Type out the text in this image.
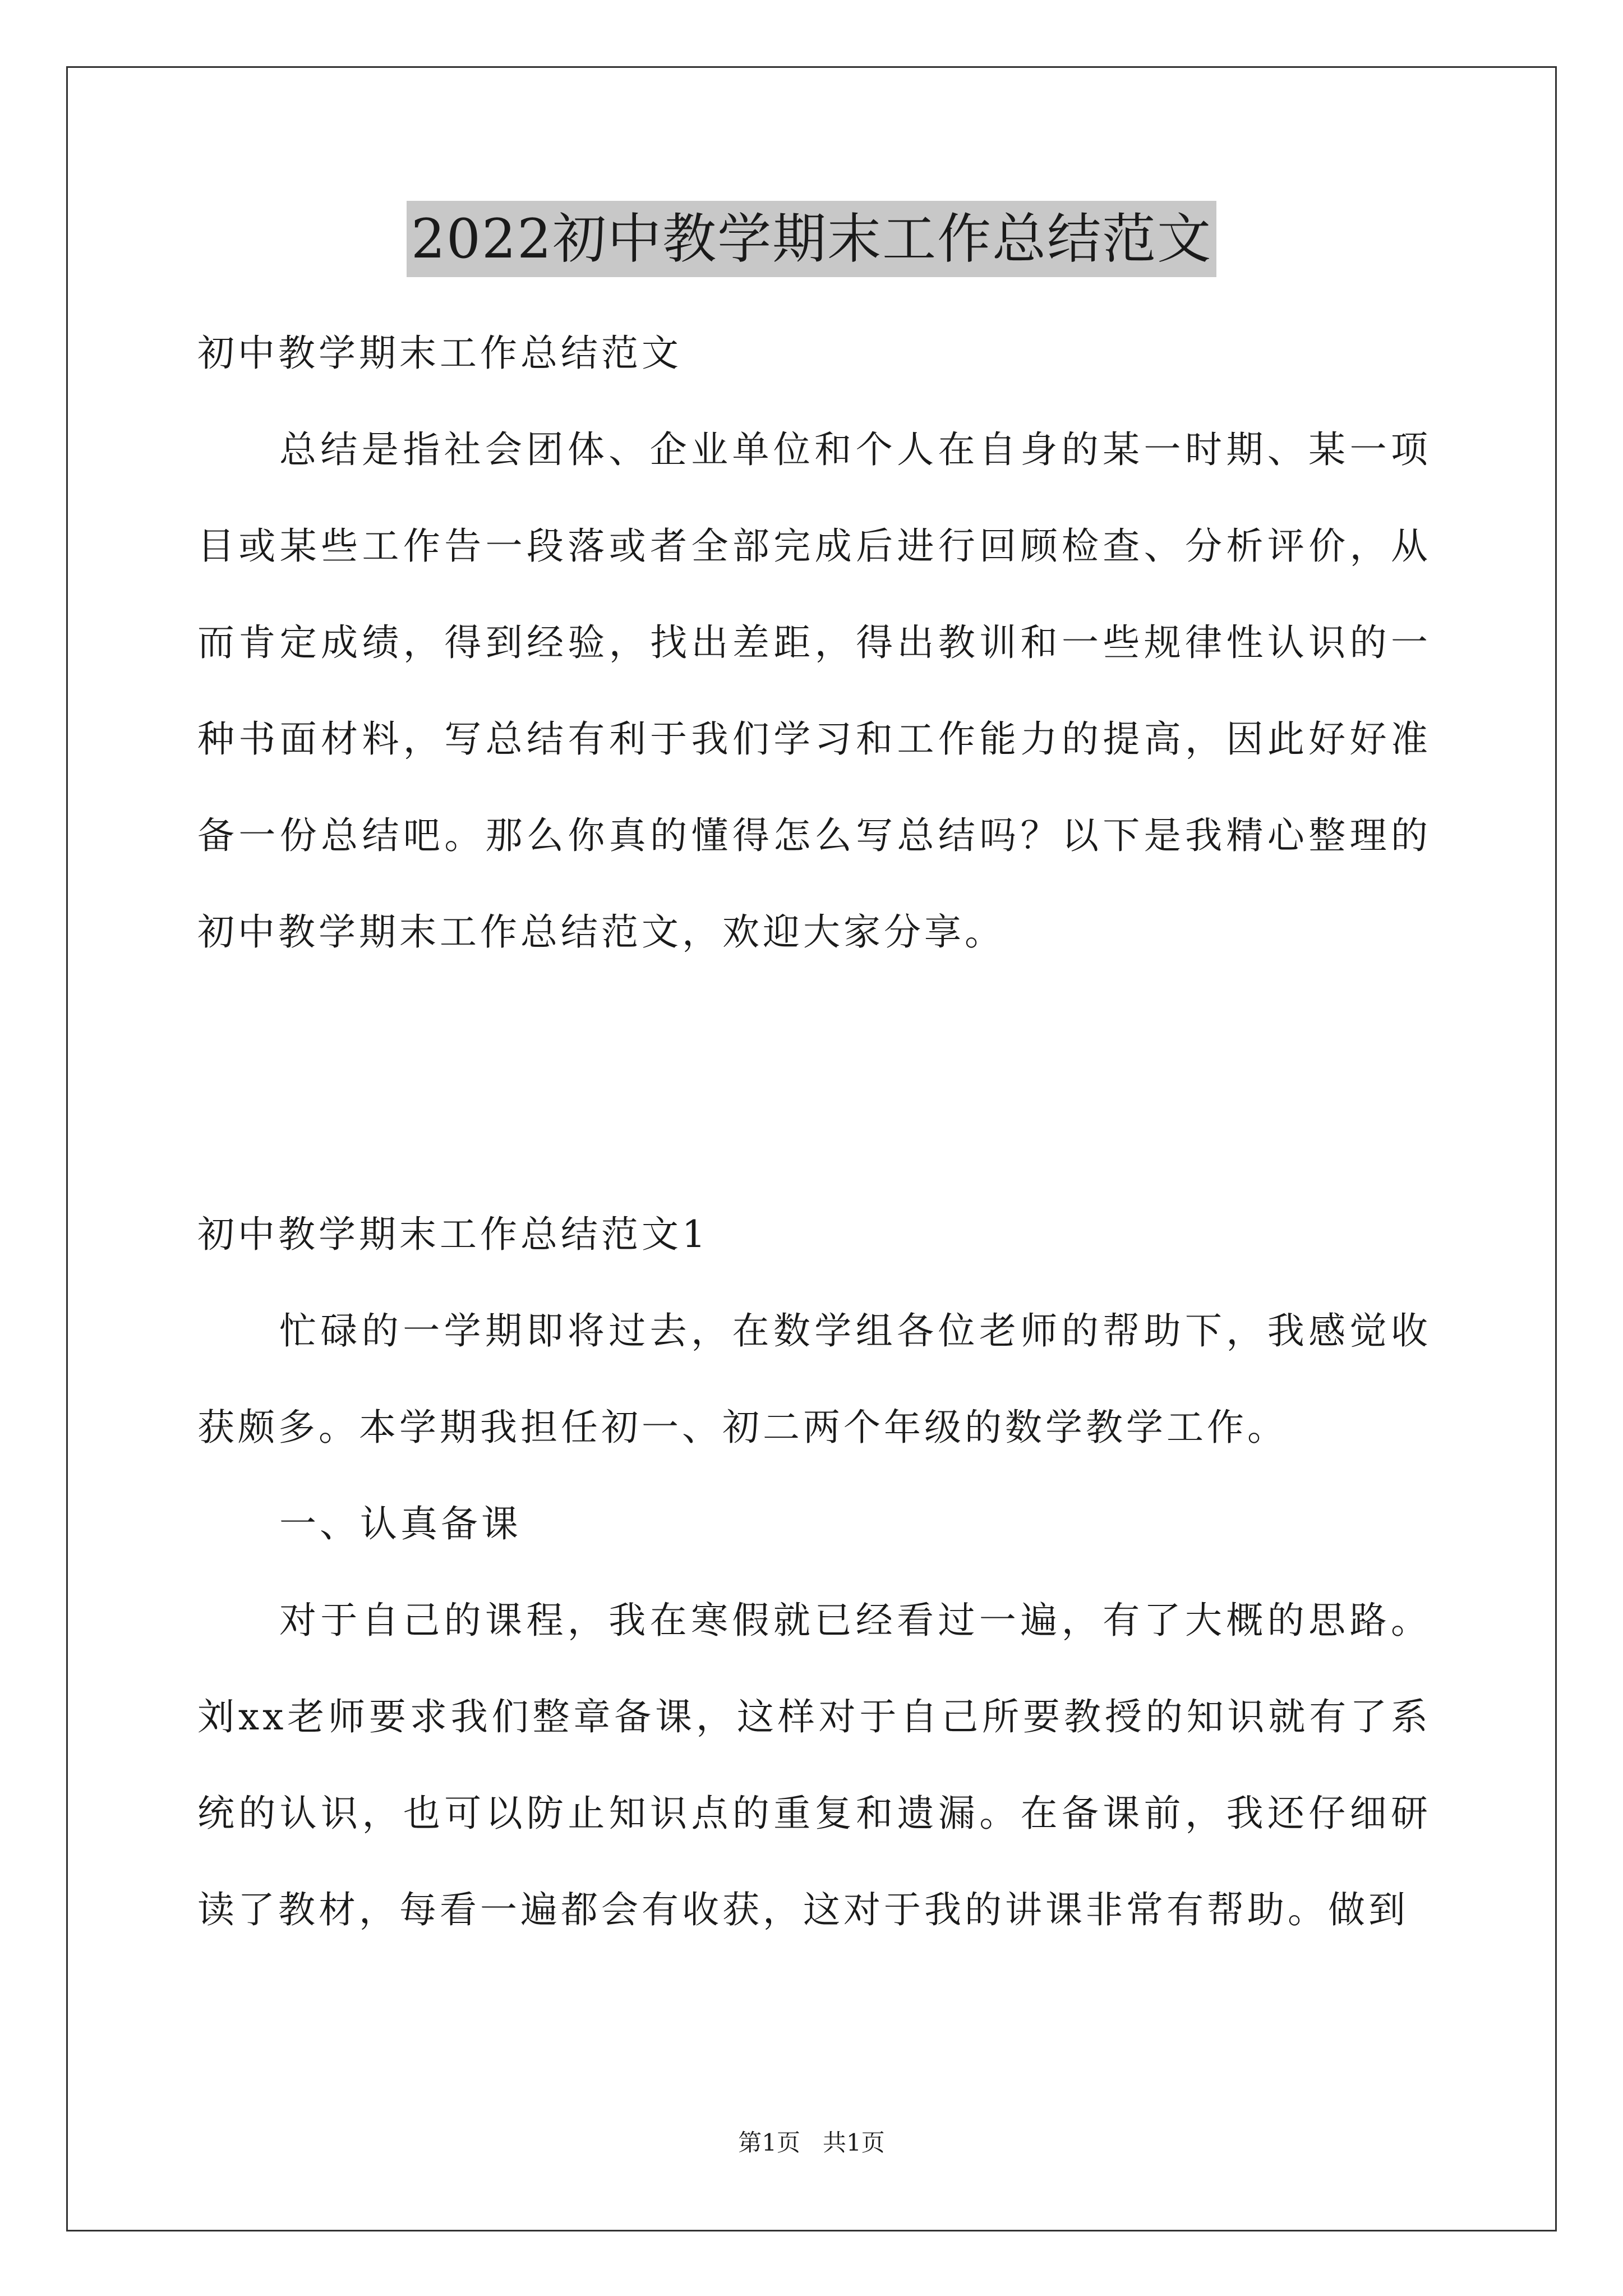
2022初中教学期末工作总结范文
初中教学期末工作总结范文
总结是指社会团体、企业单位和个人在自身的某一时期、某一项目或某些工作告一段落或者全部完成后进行回顾检查、分析评价，从而肯定成绩，得到经验，找出差距，得出教训和一些规律性认识的一种书面材料，写总结有利于我们学习和工作能力的提高，因此好好准备一份总结吧。那么你真的懂得怎么写总结吗？以下是我精心整理的初中教学期末工作总结范文，欢迎大家分享。
初中教学期末工作总结范文1
忙碌的一学期即将过去，在数学组各位老师的帮助下，我感觉收获颇多。本学期我担任初一、初二两个年级的数学教学工作。
一、认真备课
对于自己的课程，我在寒假就已经看过一遍，有了大概的思路。刘xx老师要求我们整章备课，这样对于自己所要教授的知识就有了系统的认识，也可以防止知识点的重复和遗漏。在备课前，我还仔细研读了教材，每看一遍都会有收获，这对于我的讲课非常有帮助。做到
第1页   共1页
